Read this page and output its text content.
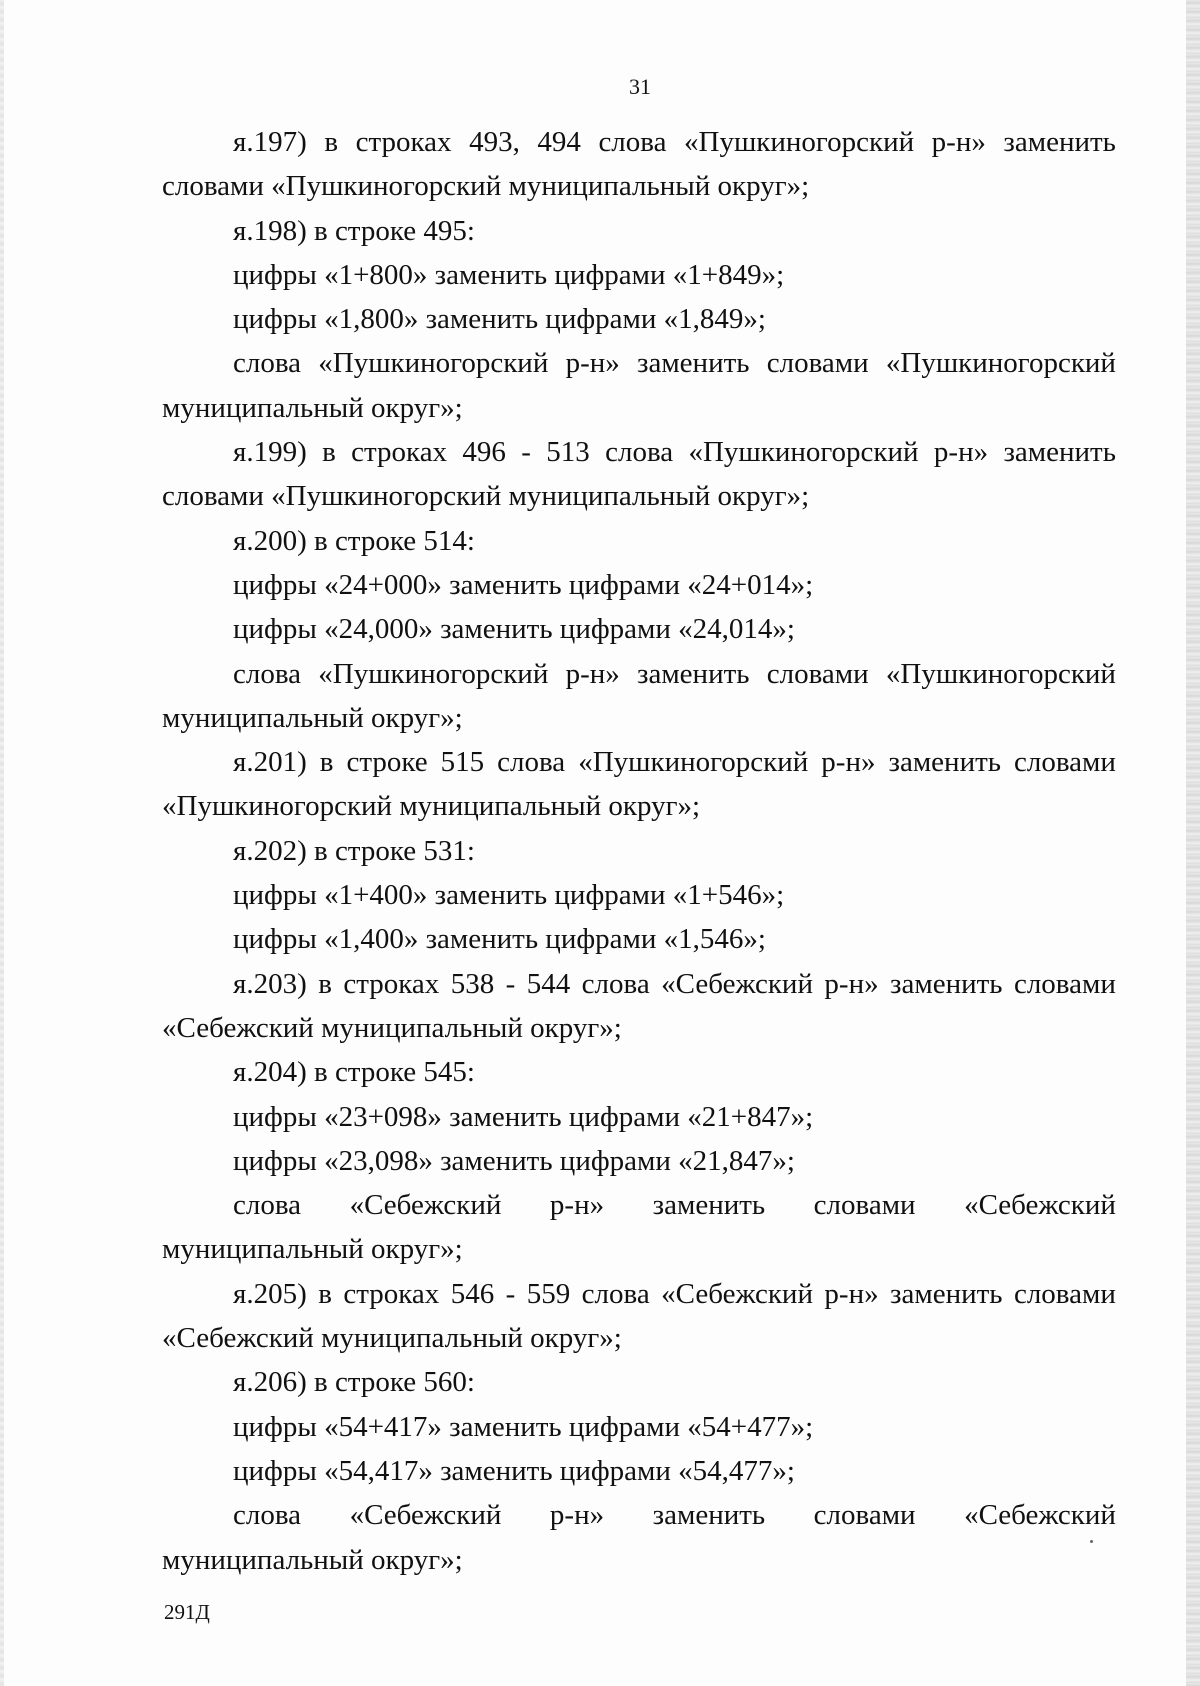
31
я.197) в строках 493, 494 слова «Пушкиногорский р-н» заменить
словами «Пушкиногорский муниципальный округ»;
я.198) в строке 495:
цифры «1+800» заменить цифрами «1+849»;
цифры «1,800» заменить цифрами «1,849»;
слова «Пушкиногорский р-н» заменить словами «Пушкиногорский
муниципальный округ»;
я.199) в строках 496 - 513 слова «Пушкиногорский р-н» заменить
словами «Пушкиногорский муниципальный округ»;
я.200) в строке 514:
цифры «24+000» заменить цифрами «24+014»;
цифры «24,000» заменить цифрами «24,014»;
слова «Пушкиногорский р-н» заменить словами «Пушкиногорский
муниципальный округ»;
я.201) в строке 515 слова «Пушкиногорский р-н» заменить словами
«Пушкиногорский муниципальный округ»;
я.202) в строке 531:
цифры «1+400» заменить цифрами «1+546»;
цифры «1,400» заменить цифрами «1,546»;
я.203) в строках 538 - 544 слова «Себежский р-н» заменить словами
«Себежский муниципальный округ»;
я.204) в строке 545:
цифры «23+098» заменить цифрами «21+847»;
цифры «23,098» заменить цифрами «21,847»;
слова «Себежский р-н» заменить словами «Себежский
муниципальный округ»;
я.205) в строках 546 - 559 слова «Себежский р-н» заменить словами
«Себежский муниципальный округ»;
я.206) в строке 560:
цифры «54+417» заменить цифрами «54+477»;
цифры «54,417» заменить цифрами «54,477»;
слова «Себежский р-н» заменить словами «Себежский
муниципальный округ»;
291Д
